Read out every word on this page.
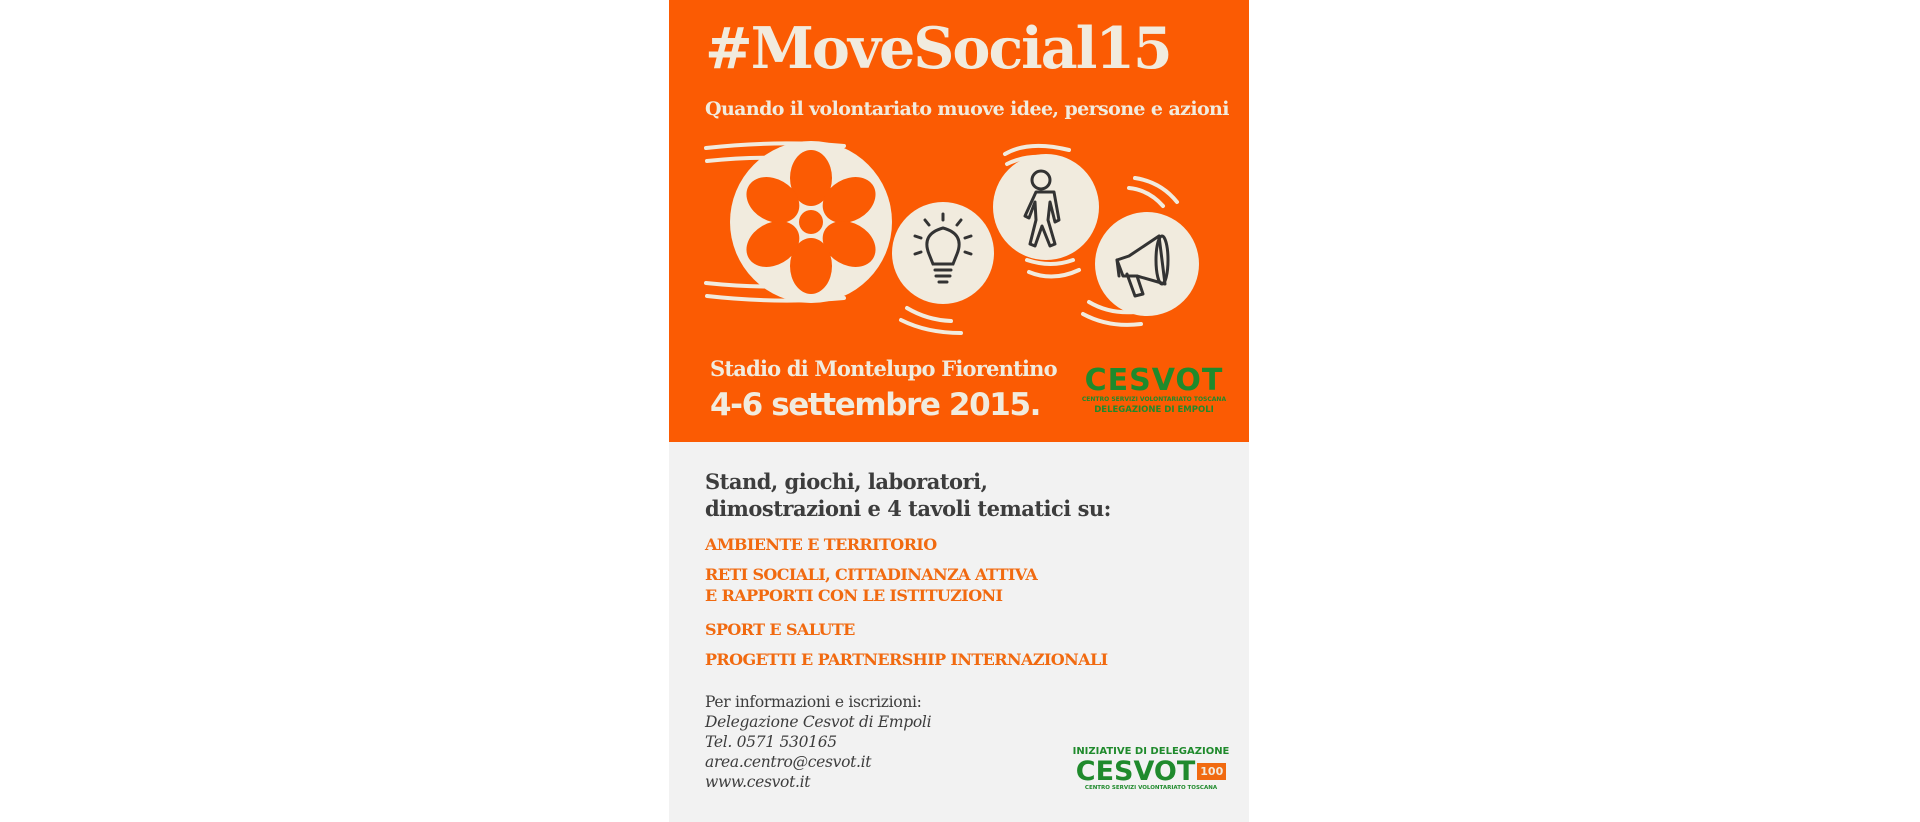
#MoveSocial15
Quando il volontariato muove idee, persone e azioni
Stadio di Montelupo Fiorentino
4-6 settembre 2015.
CESVOT
CENTRO SERVIZI VOLONTARIATO TOSCANA
DELEGAZIONE DI EMPOLI
Stand, giochi, laboratori,
dimostrazioni e 4 tavoli tematici su:
AMBIENTE E TERRITORIO
RETI SOCIALI, CITTADINANZA ATTIVA
E RAPPORTI CON LE ISTITUZIONI
SPORT E SALUTE
PROGETTI E PARTNERSHIP INTERNAZIONALI
Per informazioni e iscrizioni:
Delegazione Cesvot di Empoli
Tel. 0571 530165
area.centro@cesvot.it
www.cesvot.it
INIZIATIVE DI DELEGAZIONE
CESVOT 100
CENTRO SERVIZI VOLONTARIATO TOSCANA
